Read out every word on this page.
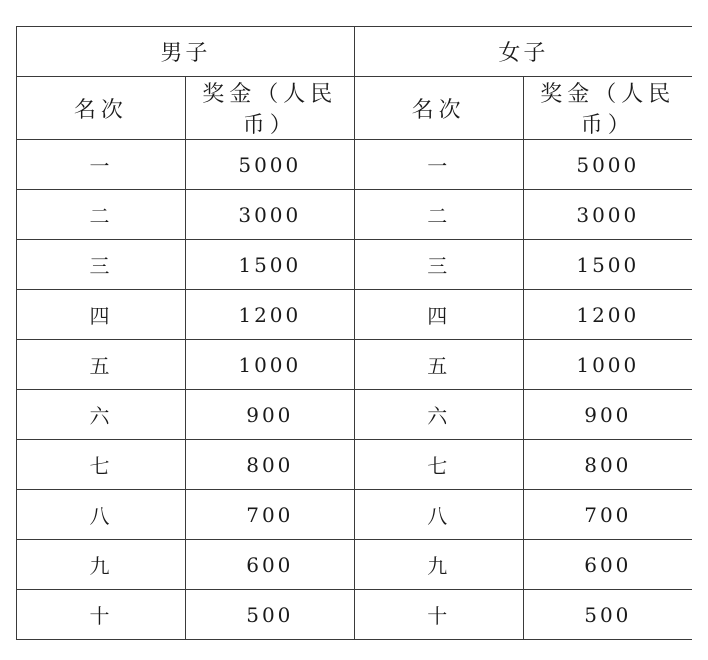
男子		女子	
名次	奖金（人民币）	名次	奖金（人民币）
一	5000	一	5000
二	3000	二	3000
三	1500	三	1500
四	1200	四	1200
五	1000	五	1000
六	900	六	900
七	800	七	800
八	700	八	700
九	600	九	600
十	500	十	500
